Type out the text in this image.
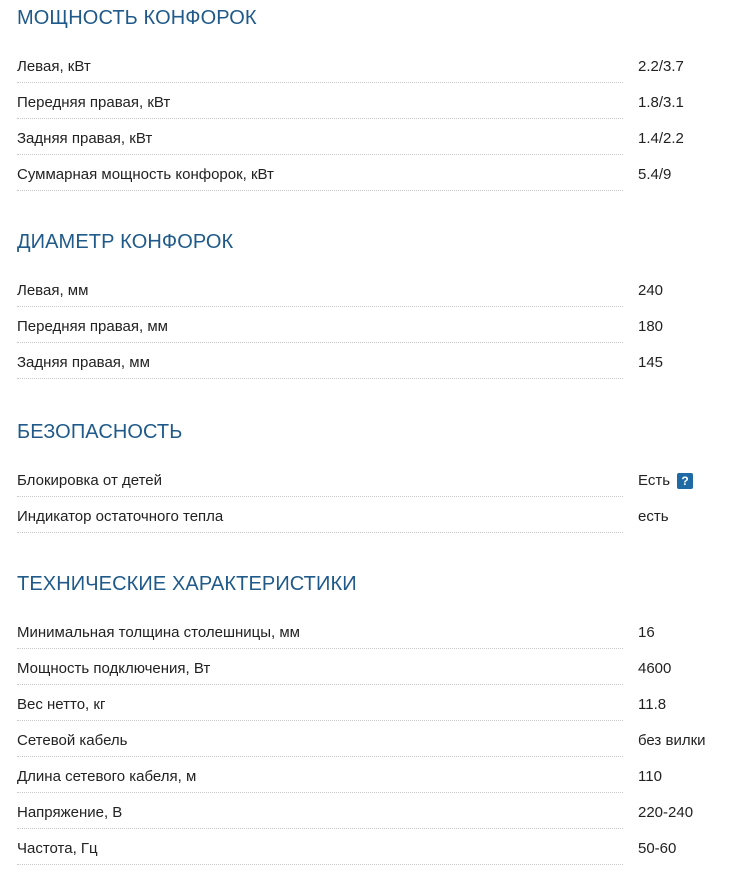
МОЩНОСТЬ КОНФОРОК
Левая, кВт	2.2/3.7
Передняя правая, кВт	1.8/3.1
Задняя правая, кВт	1.4/2.2
Суммарная мощность конфорок, кВт	5.4/9
ДИАМЕТР КОНФОРОК
Левая, мм	240
Передняя правая, мм	180
Задняя правая, мм	145
БЕЗОПАСНОСТЬ
Блокировка от детей	Есть ?
Индикатор остаточного тепла	есть
ТЕХНИЧЕСКИЕ ХАРАКТЕРИСТИКИ
Минимальная толщина столешницы, мм	16
Мощность подключения, Вт	4600
Вес нетто, кг	11.8
Сетевой кабель	без вилки
Длина сетевого кабеля, м	110
Напряжение, В	220-240
Частота, Гц	50-60
